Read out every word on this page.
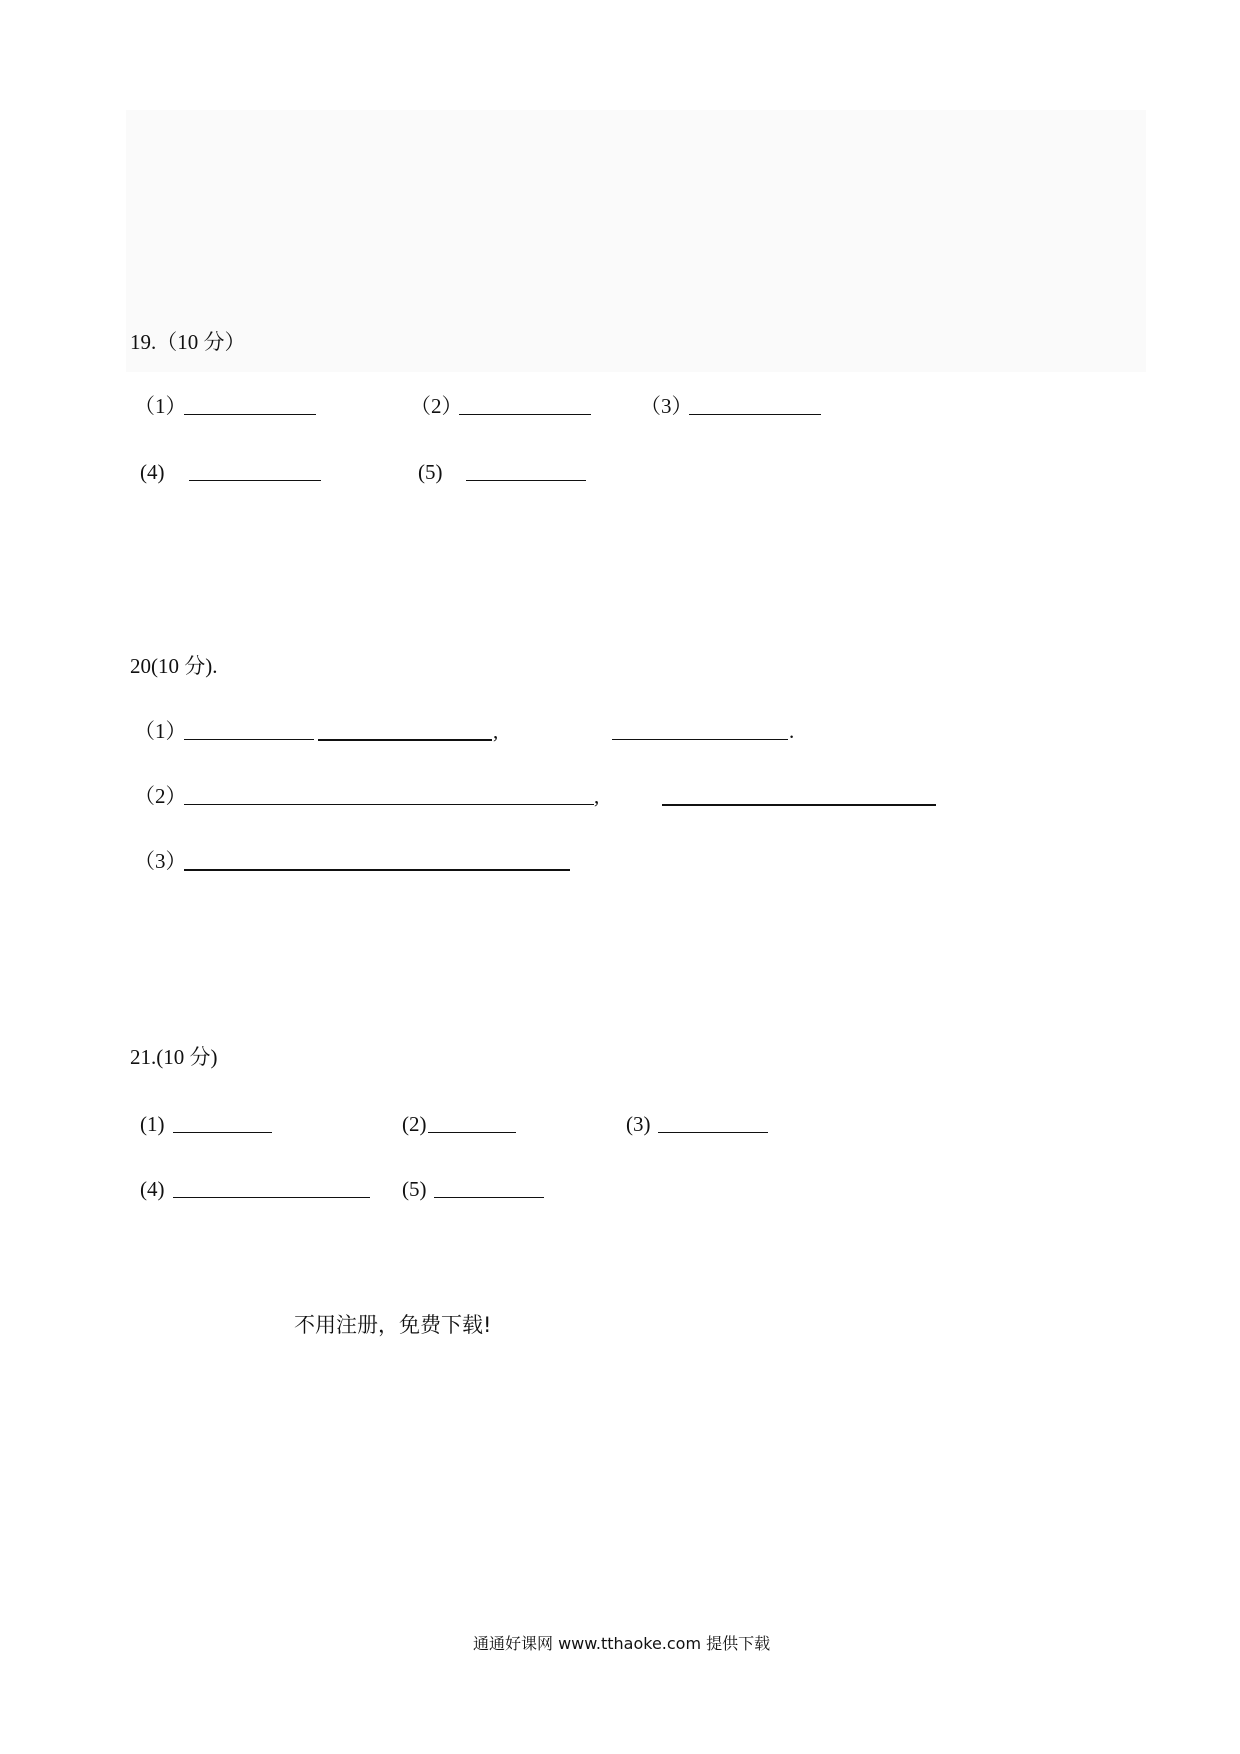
19.（10 分）
（1）	（2）	（3）
(4)	(5)
20(10 分).
（1）	,	.
（2）	,
（3）
21.(10 分)
(1)	(2)	(3)
(4)	(5)
不用注册，免费下载!
通通好课网 www.tthaoke.com 提供下载
